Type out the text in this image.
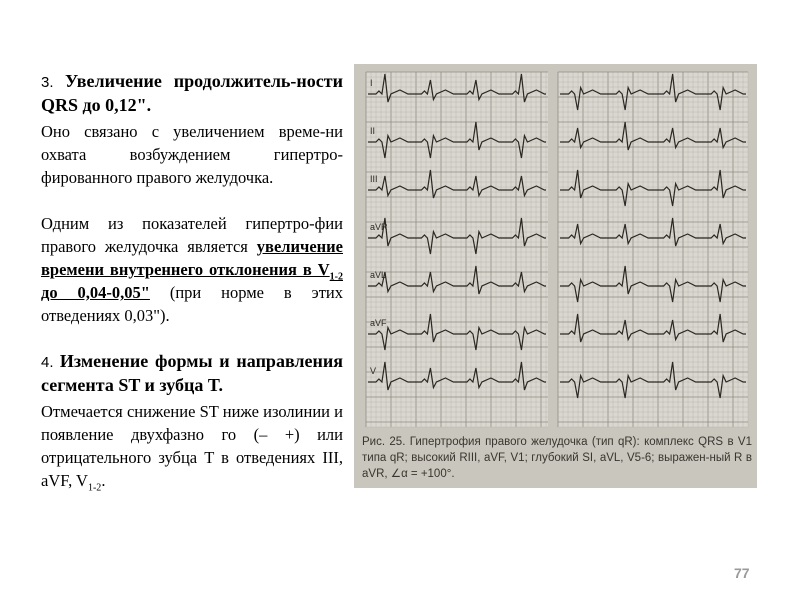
3. Увеличение продолжитель-ности QRS до 0,12".

Оно связано с увеличением време-ни охвата возбуждением гипертро-фированного правого желудочка.

Одним из показателей гипертро-фии правого желудочка является увеличение времени внутреннего отклонения в $V_{1-2}$ до 0,04-0,05" (при норме в этих отведениях 0,03").

4. Изменение формы и направления сегмента ST и зубца T.

Отмечается снижение ST ниже изолинии и появление двухфазно го (– +) или отрицательного зубца T в отведениях III, aVF, $V_{1-2}$.

I
II
III
aVR
aVL
aVF
V
Рис. 25. Гипертрофия правого желудочка (тип qR): комплекс QRS в V1 типа qR; высокий RIII, aVF, V1; глубокий SI, aVL, V5-6; выражен-ный R в aVR, ∠α = +100°.
77
